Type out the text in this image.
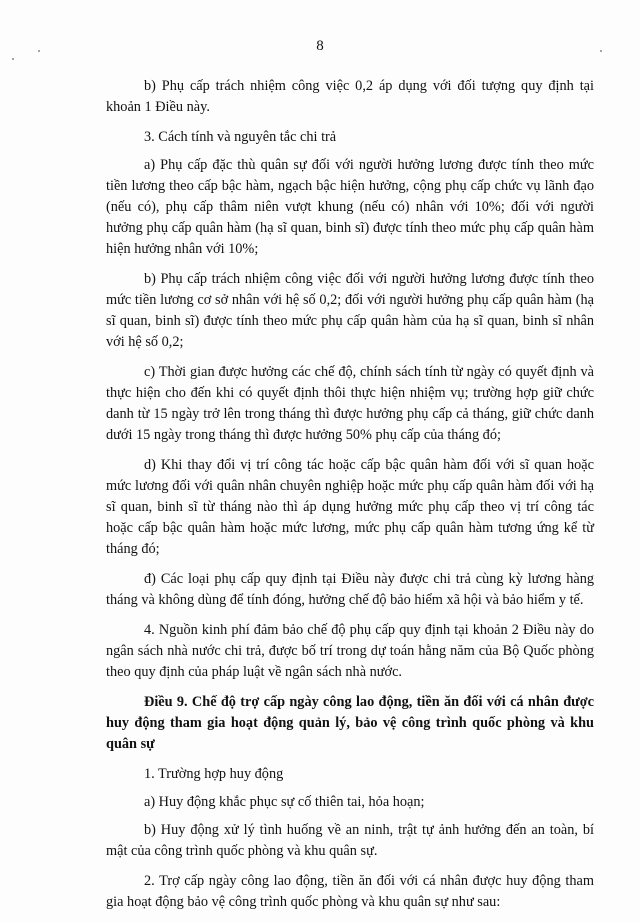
8

b) Phụ cấp trách nhiệm công việc 0,2 áp dụng với đối tượng quy định tại khoản 1 Điều này.

3. Cách tính và nguyên tắc chi trả

a) Phụ cấp đặc thù quân sự đối với người hưởng lương được tính theo mức tiền lương theo cấp bậc hàm, ngạch bậc hiện hưởng, cộng phụ cấp chức vụ lãnh đạo (nếu có), phụ cấp thâm niên vượt khung (nếu có) nhân với 10%; đối với người hưởng phụ cấp quân hàm (hạ sĩ quan, binh sĩ) được tính theo mức phụ cấp quân hàm hiện hưởng nhân với 10%;

b) Phụ cấp trách nhiệm công việc đối với người hưởng lương được tính theo mức tiền lương cơ sở nhân với hệ số 0,2; đối với người hưởng phụ cấp quân hàm (hạ sĩ quan, binh sĩ) được tính theo mức phụ cấp quân hàm của hạ sĩ quan, binh sĩ nhân với hệ số 0,2;

c) Thời gian được hưởng các chế độ, chính sách tính từ ngày có quyết định và thực hiện cho đến khi có quyết định thôi thực hiện nhiệm vụ; trường hợp giữ chức danh từ 15 ngày trở lên trong tháng thì được hưởng phụ cấp cả tháng, giữ chức danh dưới 15 ngày trong tháng thì được hưởng 50% phụ cấp của tháng đó;

d) Khi thay đổi vị trí công tác hoặc cấp bậc quân hàm đối với sĩ quan hoặc mức lương đối với quân nhân chuyên nghiệp hoặc mức phụ cấp quân hàm đối với hạ sĩ quan, binh sĩ từ tháng nào thì áp dụng hưởng mức phụ cấp theo vị trí công tác hoặc cấp bậc quân hàm hoặc mức lương, mức phụ cấp quân hàm tương ứng kể từ tháng đó;

đ) Các loại phụ cấp quy định tại Điều này được chi trả cùng kỳ lương hàng tháng và không dùng để tính đóng, hưởng chế độ bảo hiểm xã hội và bảo hiểm y tế.

4. Nguồn kinh phí đảm bảo chế độ phụ cấp quy định tại khoản 2 Điều này do ngân sách nhà nước chi trả, được bố trí trong dự toán hằng năm của Bộ Quốc phòng theo quy định của pháp luật về ngân sách nhà nước.

Điều 9. Chế độ trợ cấp ngày công lao động, tiền ăn đối với cá nhân được huy động tham gia hoạt động quản lý, bảo vệ công trình quốc phòng và khu quân sự

1. Trường hợp huy động

a) Huy động khắc phục sự cố thiên tai, hỏa hoạn;

b) Huy động xử lý tình huống về an ninh, trật tự ảnh hưởng đến an toàn, bí mật của công trình quốc phòng và khu quân sự.

2. Trợ cấp ngày công lao động, tiền ăn đối với cá nhân được huy động tham gia hoạt động bảo vệ công trình quốc phòng và khu quân sự như sau:
